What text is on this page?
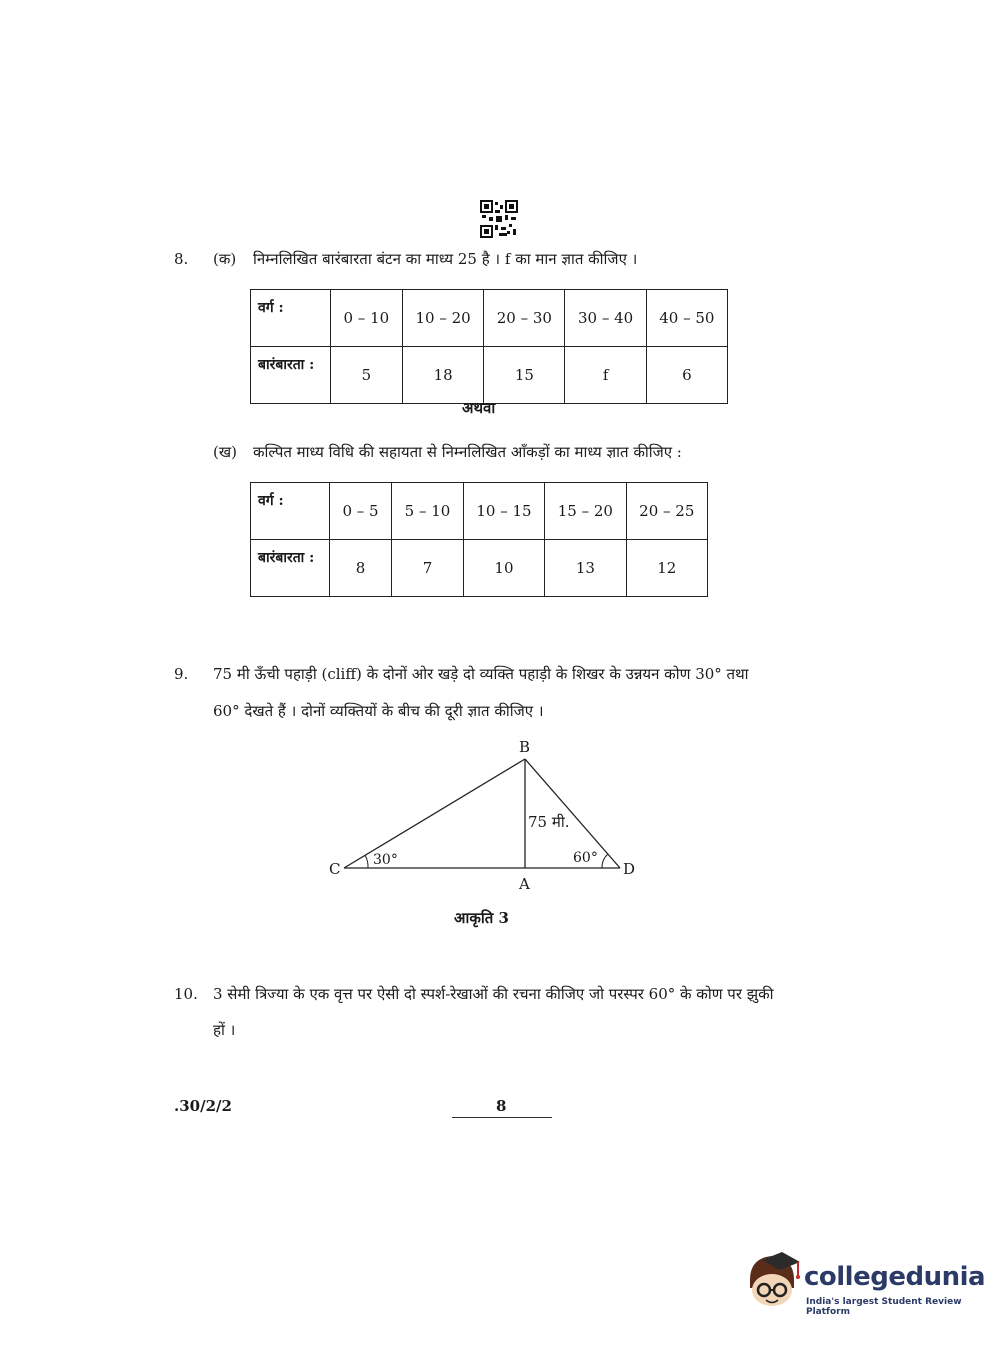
8. (क) निम्नलिखित बारंबारता बंटन का माध्य 25 है । f का मान ज्ञात कीजिए ।
वर्ग :	0 – 10	10 – 20	20 – 30	30 – 40	40 – 50
बारंबारता :	5	18	15	f	6
अथवा
(ख) कल्पित माध्य विधि की सहायता से निम्नलिखित आँकड़ों का माध्य ज्ञात कीजिए :
वर्ग :	0 – 5	5 – 10	10 – 15	15 – 20	20 – 25
बारंबारता :	8	7	10	13	12
9. 75 मी ऊँची पहाड़ी (cliff) के दोनों ओर खड़े दो व्यक्ति पहाड़ी के शिखर के उन्नयन कोण 30° तथा
60° देखते हैं । दोनों व्यक्तियों के बीच की दूरी ज्ञात कीजिए ।
B
C
A
D
75 मी.
30°	60°
आकृति 3
10. 3 सेमी त्रिज्या के एक वृत्त पर ऐसी दो स्पर्श-रेखाओं की रचना कीजिए जो परस्पर 60° के कोण पर झुकी
हों ।
.30/2/2	8
collegedunia
India's largest Student Review Platform
